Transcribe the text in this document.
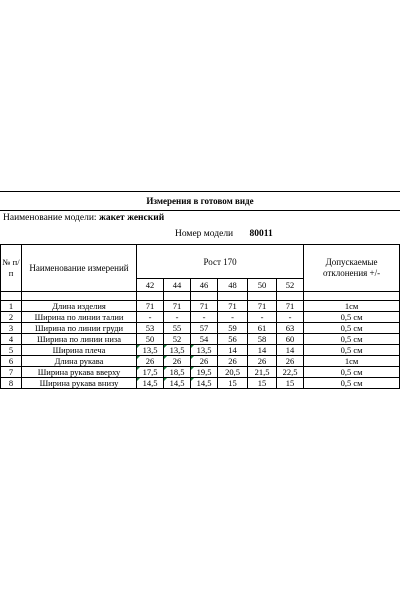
Измерения в готовом виде
Наименование модели: жакет женский
Номер модели 80011
№ п/п	Наименование измерений	Рост 170						Допускаемые отклонения +/-
		42	44	46	48	50	52	

1	Длина изделия	71	71	71	71	71	71	1см
2	Ширина по линии талии	-	-	-	-	-	-	0,5 см
3	Ширина по линии груди	53	55	57	59	61	63	0,5 см
4	Ширина по линии низа	50	52	54	56	58	60	0,5 см
5	Ширина плеча	13,5	13,5	13,5	14	14	14	0,5 см
6	Длина рукава	26	26	26	26	26	26	1см
7	Ширина рукава вверху	17,5	18,5	19,5	20,5	21,5	22,5	0,5 см
8	Ширина рукава внизу	14,5	14,5	14,5	15	15	15	0,5 см
